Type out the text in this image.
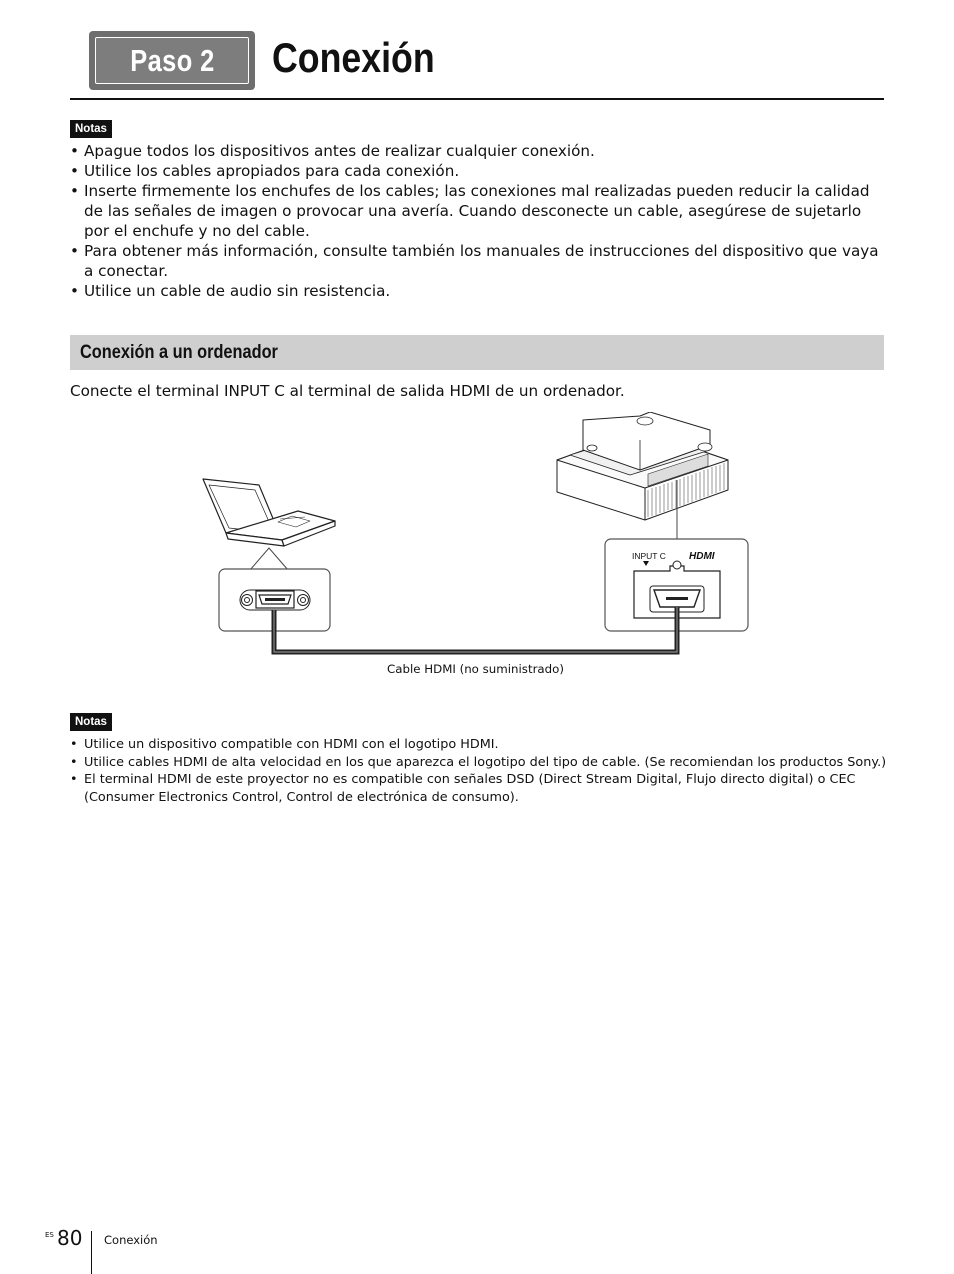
Paso 2 Conexión
Notas
• Apague todos los dispositivos antes de realizar cualquier conexión.
• Utilice los cables apropiados para cada conexión.
• Inserte firmemente los enchufes de los cables; las conexiones mal realizadas pueden reducir la calidad de las señales de imagen o provocar una avería. Cuando desconecte un cable, asegúrese de sujetarlo por el enchufe y no del cable.
• Para obtener más información, consulte también los manuales de instrucciones del dispositivo que vaya a conectar.
• Utilice un cable de audio sin resistencia.
Conexión a un ordenador
Conecte el terminal INPUT C al terminal de salida HDMI de un ordenador.
INPUT C HDMI
Cable HDMI (no suministrado)
Notas
• Utilice un dispositivo compatible con HDMI con el logotipo HDMI.
• Utilice cables HDMI de alta velocidad en los que aparezca el logotipo del tipo de cable. (Se recomiendan los productos Sony.)
• El terminal HDMI de este proyector no es compatible con señales DSD (Direct Stream Digital, Flujo directo digital) o CEC (Consumer Electronics Control, Control de electrónica de consumo).
ES 80 Conexión
